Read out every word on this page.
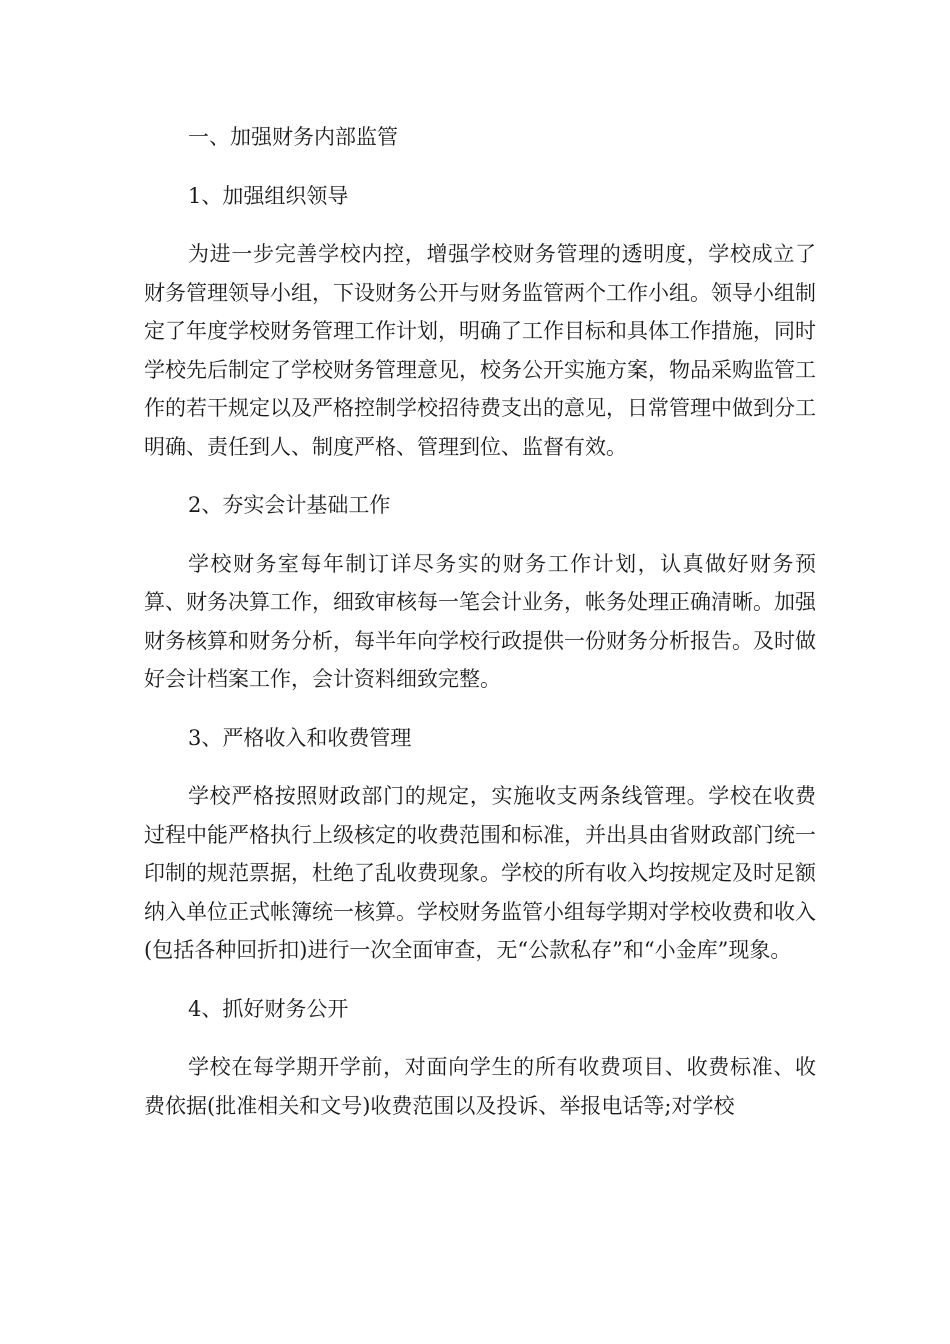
一、加强财务内部监管

1、加强组织领导

为进一步完善学校内控，增强学校财务管理的透明度，学校成立了财务管理领导小组，下设财务公开与财务监管两个工作小组。领导小组制定了年度学校财务管理工作计划，明确了工作目标和具体工作措施，同时学校先后制定了学校财务管理意见，校务公开实施方案，物品采购监管工作的若干规定以及严格控制学校招待费支出的意见，日常管理中做到分工明确、责任到人、制度严格、管理到位、监督有效。

2、夯实会计基础工作

学校财务室每年制订详尽务实的财务工作计划，认真做好财务预算、财务决算工作，细致审核每一笔会计业务，帐务处理正确清晰。加强财务核算和财务分析，每半年向学校行政提供一份财务分析报告。及时做好会计档案工作，会计资料细致完整。

3、严格收入和收费管理

学校严格按照财政部门的规定，实施收支两条线管理。学校在收费过程中能严格执行上级核定的收费范围和标准，并出具由省财政部门统一印制的规范票据，杜绝了乱收费现象。学校的所有收入均按规定及时足额纳入单位正式帐簿统一核算。学校财务监管小组每学期对学校收费和收入(包括各种回折扣)进行一次全面审查，无“公款私存”和“小金库”现象。

4、抓好财务公开

学校在每学期开学前，对面向学生的所有收费项目、收费标准、收费依据(批准相关和文号)收费范围以及投诉、举报电话等;对学校
